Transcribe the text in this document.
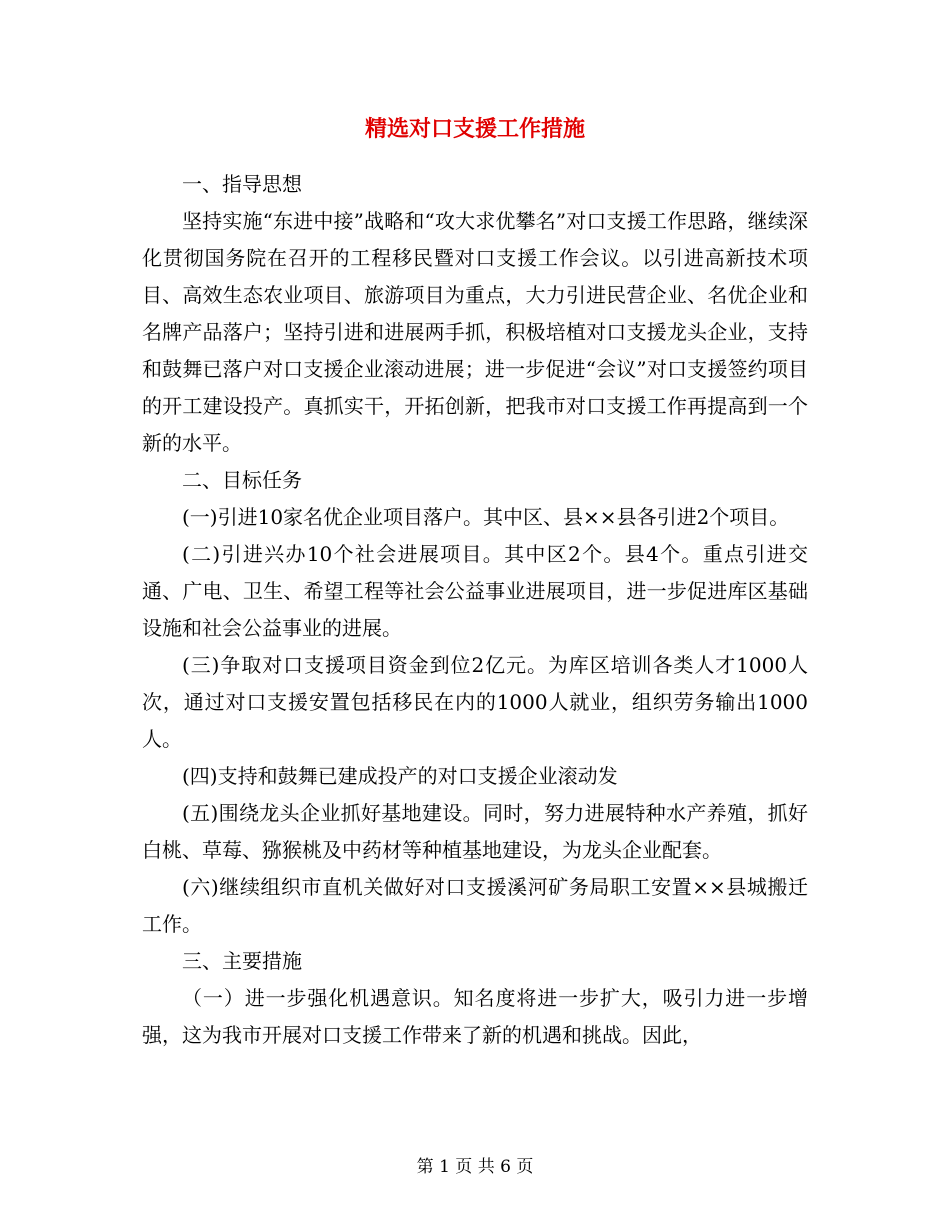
精选对口支援工作措施

一、指导思想

坚持实施“东进中接”战略和“攻大求优攀名”对口支援工作思路，继续深化贯彻国务院在召开的工程移民暨对口支援工作会议。以引进高新技术项目、高效生态农业项目、旅游项目为重点，大力引进民营企业、名优企业和名牌产品落户；坚持引进和进展两手抓，积极培植对口支援龙头企业，支持和鼓舞已落户对口支援企业滚动进展；进一步促进“会议”对口支援签约项目的开工建设投产。真抓实干，开拓创新，把我市对口支援工作再提高到一个新的水平。

二、目标任务

(一)引进10家名优企业项目落户。其中区、县××县各引进2个项目。

(二)引进兴办10个社会进展项目。其中区2个。县4个。重点引进交通、广电、卫生、希望工程等社会公益事业进展项目，进一步促进库区基础设施和社会公益事业的进展。

(三)争取对口支援项目资金到位2亿元。为库区培训各类人才1000人次，通过对口支援安置包括移民在内的1000人就业，组织劳务输出1000人。

(四)支持和鼓舞已建成投产的对口支援企业滚动发

(五)围绕龙头企业抓好基地建设。同时，努力进展特种水产养殖，抓好白桃、草莓、猕猴桃及中药材等种植基地建设，为龙头企业配套。

(六)继续组织市直机关做好对口支援溪河矿务局职工安置××县城搬迁工作。

三、主要措施

（一）进一步强化机遇意识。知名度将进一步扩大，吸引力进一步增强，这为我市开展对口支援工作带来了新的机遇和挑战。因此，

第 1 页 共 6 页
